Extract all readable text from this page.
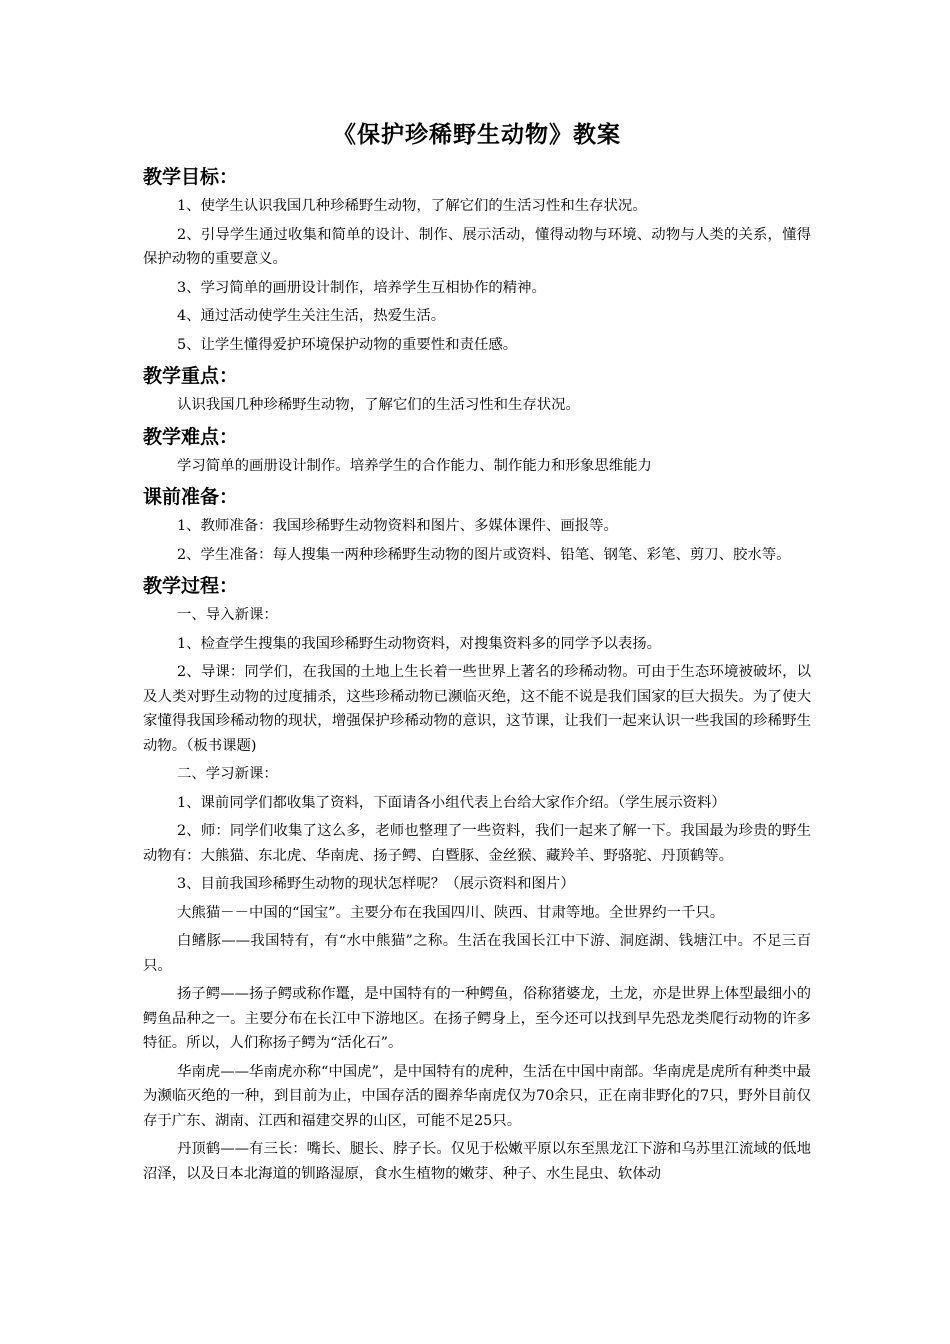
《保护珍稀野生动物》教案
教学目标：

1、使学生认识我国几种珍稀野生动物，了解它们的生活习性和生存状况。

2、引导学生通过收集和简单的设计、制作、展示活动，懂得动物与环境、动物与人类的关系，懂得保护动物的重要意义。

3、学习简单的画册设计制作，培养学生互相协作的精神。

4、通过活动使学生关注生活，热爱生活。

5、让学生懂得爱护环境保护动物的重要性和责任感。

教学重点：

认识我国几种珍稀野生动物，了解它们的生活习性和生存状况。

教学难点：

学习简单的画册设计制作。培养学生的合作能力、制作能力和形象思维能力

课前准备：

1、教师准备：我国珍稀野生动物资料和图片、多媒体课件、画报等。

2、学生准备：每人搜集一两种珍稀野生动物的图片或资料、铅笔、钢笔、彩笔、剪刀、胶水等。

教学过程：

一、导入新课：

1、检查学生搜集的我国珍稀野生动物资料，对搜集资料多的同学予以表扬。

2、导课：同学们，在我国的土地上生长着一些世界上著名的珍稀动物。可由于生态环境被破坏，以及人类对野生动物的过度捕杀，这些珍稀动物已濒临灭绝，这不能不说是我们国家的巨大损失。为了使大家懂得我国珍稀动物的现状，增强保护珍稀动物的意识，这节课，让我们一起来认识一些我国的珍稀野生动物。（板书课题)

二、学习新课：

1、课前同学们都收集了资料，下面请各小组代表上台给大家作介绍。（学生展示资料）

2、师：同学们收集了这么多，老师也整理了一些资料，我们一起来了解一下。我国最为珍贵的野生动物有：大熊猫、东北虎、华南虎、扬子鳄、白暨豚、金丝猴、藏羚羊、野骆驼、丹顶鹤等。

3、目前我国珍稀野生动物的现状怎样呢？（展示资料和图片）

大熊猫－－中国的“国宝”。主要分布在我国四川、陕西、甘肃等地。全世界约一千只。

白鳍豚——我国特有，有“水中熊猫”之称。生活在我国长江中下游、洞庭湖、钱塘江中。不足三百只。

扬子鳄——扬子鳄或称作鼍，是中国特有的一种鳄鱼，俗称猪婆龙，土龙，亦是世界上体型最细小的鳄鱼品种之一。主要分布在长江中下游地区。在扬子鳄身上，至今还可以找到早先恐龙类爬行动物的许多特征。所以，人们称扬子鳄为“活化石”。

华南虎——华南虎亦称“中国虎”，是中国特有的虎种，生活在中国中南部。华南虎是虎所有种类中最为濒临灭绝的一种，到目前为止，中国存活的圈养华南虎仅为70余只，正在南非野化的7只，野外目前仅存于广东、湖南、江西和福建交界的山区，可能不足25只。

丹顶鹤——有三长：嘴长、腿长、脖子长。仅见于松嫩平原以东至黑龙江下游和乌苏里江流域的低地沼泽，以及日本北海道的钏路湿原，食水生植物的嫩芽、种子、水生昆虫、软体动
